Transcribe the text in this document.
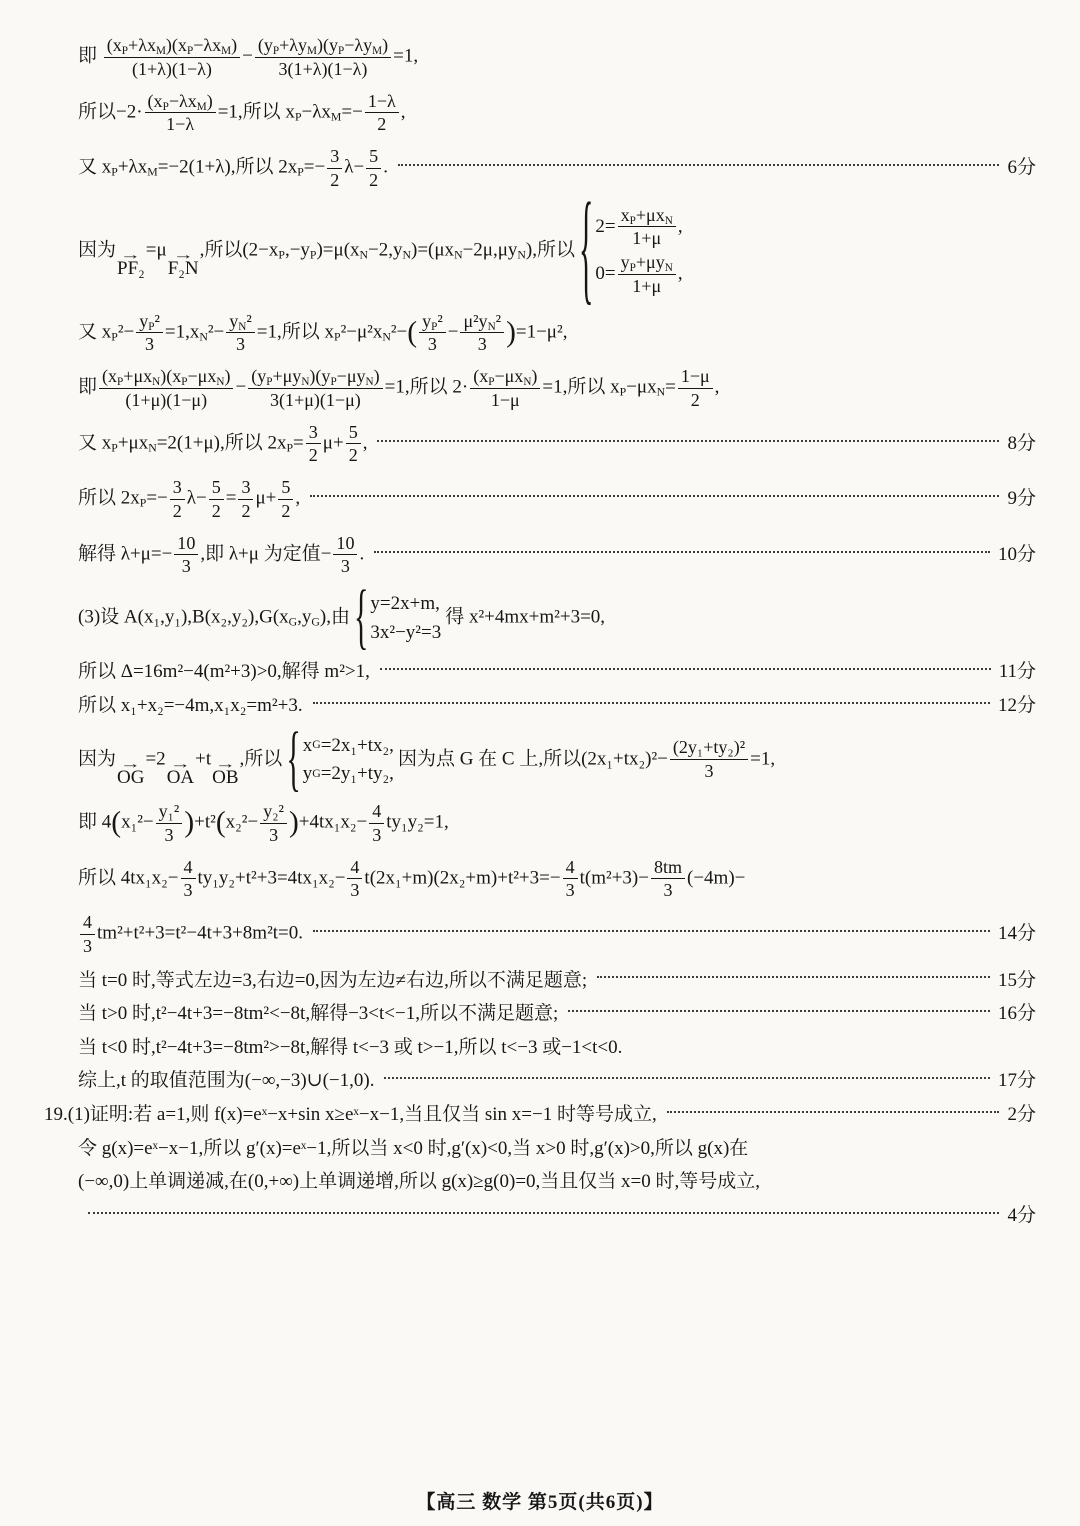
即 $\frac{(x_P+\lambda x_M)(x_P-\lambda x_M)}{(1+\lambda)(1-\lambda)} - \frac{(y_P+\lambda y_M)(y_P-\lambda y_M)}{3(1+\lambda)(1-\lambda)} =1$,
所以$-2\cdot \frac{(x_P-\lambda x_M)}{1-\lambda} =1$,所以 $x_P-\lambda x_M=- \frac{1-\lambda}{2}$ ,
又 $x_P+\lambda x_M=-2(1+\lambda)$,所以 $2x_P=- \frac{3}{2} \lambda- \frac{5}{2}$ .	6分
因为 →
PF₂
=μ →
F₂N
,所以$(2-x_P,-y_P)=\mu(x_N-2,y_N)=(\mu x_N-2\mu,\mu y_N)$,所以 { $2= \frac{x_P+\mu x_N}{1+\mu}$ ,
$0= \frac{y_P+\mu y_N}{1+\mu}$ ,
又 $x_P^2- \frac{y_P^2}{3} =1,x_N^2- \frac{y_N^2}{3} =1$,所以 $x_P^2-\mu^2x_N^2-( \frac{y_P^2}{3} - \frac{\mu^2y_N^2}{3} )=1-\mu^2$,
即 $\frac{(x_P+\mu x_N)(x_P-\mu x_N)}{(1+\mu)(1-\mu)} - \frac{(y_P+\mu y_N)(y_P-\mu y_N)}{3(1+\mu)(1-\mu)} =1$,所以 $2\cdot \frac{(x_P-\mu x_N)}{1-\mu} =1$,所以 $x_P-\mu x_N= \frac{1-\mu}{2}$ ,
又 $x_P+\mu x_N=2(1+\mu)$,所以 $2x_P= \frac{3}{2} \mu+ \frac{5}{2}$ ,	8分
所以 $2x_P=- \frac{3}{2} \lambda- \frac{5}{2} = \frac{3}{2} \mu+ \frac{5}{2}$ ,	9分
解得 $\lambda+\mu=- \frac{10}{3}$ ,即 λ+μ 为定值− $\frac{10}{3}$ .	10分
(3)设 $A(x_1,y_1),B(x_2,y_2),G(x_G,y_G)$,由 { y=2x+m,
3x²−y²=3
得 x²+4mx+m²+3=0,
所以 Δ=16m²−4(m²+3)>0,解得 m²>1,	11分
所以 x₁+x₂=−4m,x₁x₂=m²+3.	12分
因为 →
OG
=2 →
OA
+t →
OB
,所以 { x G =2x₁+tx₂,
y G =2y₁+ty₂,
因为点 G 在 C 上,所以$(2x_1+tx_2)^2- \frac{\text{(2y₁+ty₂)²}}{3} =1$,
即 $4(x_1^2- \frac{\text{y₁²}}{3} )+t^2(x_2^2- \frac{\text{y₂²}}{3} )+4tx_1x_2- \frac{4}{3} ty_1y_2=1$,
所以 $4tx_1x_2- \frac{4}{3} ty_1y_2+t^2+3=4tx_1x_2- \frac{4}{3} t(2x_1+m)(2x_2+m)+t^2+3=- \frac{4}{3} t(m^2+3)- \frac{8tm}{3} (-4m)-$
$\frac{4}{3} tm^2+t^2+3=t^2-4t+3+8m^2t=0$.	14分
当 t=0 时,等式左边=3,右边=0,因为左边≠右边,所以不满足题意;	15分
当 t>0 时,t²−4t+3=−8tm²<−8t,解得−3<t<−1,所以不满足题意;	16分
当 t<0 时,t²−4t+3=−8tm²>−8t,解得 t<−3 或 t>−1,所以 t<−3 或−1<t<0.
综上,t 的取值范围为(−∞,−3)∪(−1,0).	17分
19.(1)证明:若 a=1,则 f(x)=eˣ−x+sin x≥eˣ−x−1,当且仅当 sin x=−1 时等号成立,	2分
令 g(x)=eˣ−x−1,所以 g′(x)=eˣ−1,所以当 x<0 时,g′(x)<0,当 x>0 时,g′(x)>0,所以 g(x)在
(−∞,0)上单调递减,在(0,+∞)上单调递增,所以 g(x)≥g(0)=0,当且仅当 x=0 时,等号成立,
4分
【高三 数学 第5页(共6页)】
